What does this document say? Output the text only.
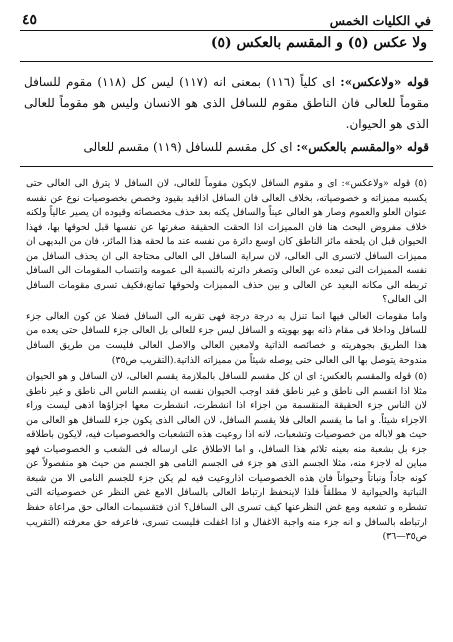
في الكليات الخمس
٤٥
ولا عكس (٥) و المقسم بالعكس (٥)

قوله «ولاعكس»: اى كلياً (١١٦) بمعنى انه (١١٧) ليس كل (١١٨) مقوم للسافل مقوماً للعالى فان الناطق مقوم للسافل الذى هو الانسان وليس هو مقوماً للعالى الذى هو الحيوان.

قوله «والمقسم بالعكس»: اى كل مقسم للسافل (١١٩) مقسم للعالى

(٥) قوله «ولاعكس»: اى و مقوم السافل لايكون مقوماً للعالى، لان السافل لا يترق الى العالى حتى يكسبه مميزاته و خصوصياته، بخلاف العالى فان السافل اذاقيد بقيود وخصص بخصوصيات نوع عن نفسه عنوان العلو والعموم وصار هو العالى عيناً والسافل يكنه بعد حذف مخصصاته وقيوده ان يصير عالياً ولكنه خلاف مفروض البحث هنا فان المميزات اذا الحقت الحقيقة صغرتها عن نفسها قبل لحوقها بها، فهذا الحيوان قبل ان يلحقه مائز الناطق كان اوسع دائرة من نفسه عند ما لحقه هذا المائز، فان من البديهى ان مميزات السافل لاتسرى الى العالى، لان سراية السافل الى العالى محتاجة الى ان يحذف السافل من نفسه المميزات التى تبعده عن العالى وتصغر دائرته بالنسبة الى عمومه وانتساب المقومات الى السافل تربطه الى مكانه البعيد عن العالى و بين حذف المميزات ولحوقها تمانع،فكيف تسرى مقومات السافل الى العالى؟

واما مقومات العالى فيها انما تنزل به درجة درجة فهى تقربه الى السافل فضلا عن كون العالى جزء للسافل وداخلا فى مقام ذاته بهو بهويته و السافل ليس جزء للعالى بل العالى جزء للسافل حتى يعده من هذا الطريق بجوهريته و خصائصه الذاتية ولامعين العالى والاصل العالى فليست من طريق السافل مندوحة يتوصل بها الى العالى حتى يوصله شيئاً من مميزاته الذاتية.(التقريب ص٣٥)

(٥) قوله والمقسم بالعكس: اى ان كل مقسم للسافل بالملازمة يقسم العالى، لان السافل و هو الحيوان مثلا اذا انقسم الى ناطق و غير ناطق فقد اوجب الحيوان نفسه ان ينقسم الناس الى ناطق و غير ناطق لان الناس جزء الحقيقة المنقسمة من اجزاء اذا انشطرت، انشطرت معها اجزاؤها اذهى ليست وراء الاجزاء شيئاً. و اما ما يقسم العالى فلا يقسم السافل، لان العالى الذى يكون جزء للسافل هو العالى من حيث هو لاباله من خصوصيات وتشعبات، لانه اذا روعيت هذه التشعبات والخصوصيات فيه، لايكون باطلاقه جزء بل بشعبة منه بعينه تلائم هذا السافل، و اما الاطلاق على ارساله فى الشعب و الخصوصيات فهو مباين له لاجزء منه، مثلا الجسم الذى هو جزء فى الجسم النامى هو الجسم من حيث هو منفصولاً عن كونه جاداً ونباتاً وحيواناً فان هذه الخصوصيات اذاروعيت فيه لم يكن جزء للجسم النامى الا من شبعة النباتية والحيوانية لا مطلقاً فلذا لاينحفظ ارتباط العالى بالسافل الامع غض النظر عن خصوصياته التى تشطره و تشعبه ومع غض النظرعنها كيف تسرى الى السافل؟ اذن فتقسيمات العالى حق مراعاة حفظ ارتباطه بالسافل و انه جزء منه واجبة الاغفال و اذا اغفلت فليست تسرى، فاعرفه حق معرفته (التقريب ص٣٥—٣٦)
